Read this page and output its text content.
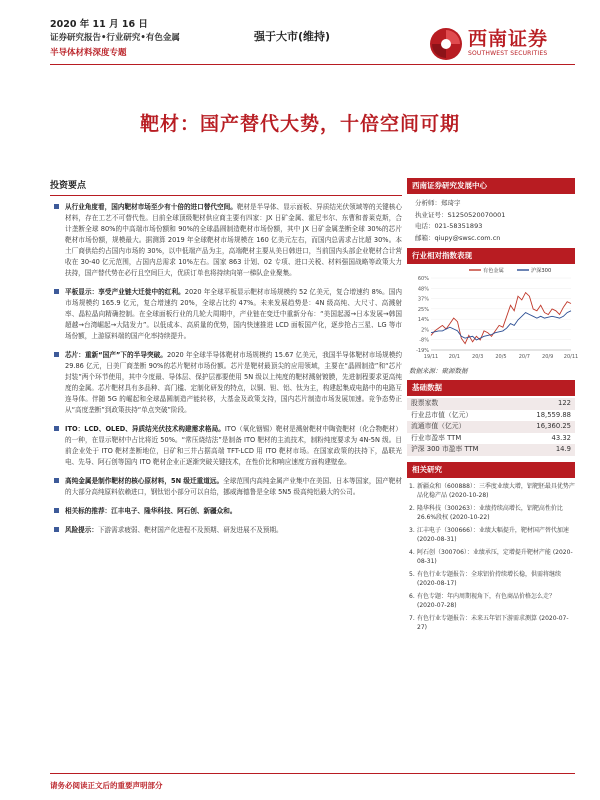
2020 年 11 月 16 日
证券研究报告•行业研究•有色金属
半导体材料深度专题
强于大市(维持)	西南证券
SOUTHWEST SECURITIES
靶材：国产替代大势，十倍空间可期
投资要点
从行业角度看，国内靶材市场至少有十倍的进口替代空间。靶材是半导体、显示面板、异质结光伏领域等的关键核心材料，存在工艺不可替代性。目前全球顶级靶材供应商主要有四家：JX 日矿金属、霍尼韦尔、东曹和普莱克斯，合计垄断全球 80%的中高端市场份额和 90%的全球晶圆制造靶材市场份额，其中 JX 日矿金属垄断全球 30%的芯片靶材市场份额，规模最大。据测算 2019 年全球靶材市场规模在 160 亿美元左右，而国内总需求占比超 30%。本土厂商供给约占国内市场的 30%，以中低端产品为主，高端靶材主要从美日韩进口，当前国内头部企业靶材合计营收在 30-40 亿元范围，占国内总需求 10%左右。国家 863 计划、02 专项、进口关税、材料强国战略等政策大力扶持，国产替代势在必行且空间巨大，优质订单也将持续向第一梯队企业聚集。
平板显示：享受产业链大迁徙中的红利。2020 年全球平板显示靶材市场规模约 52 亿美元，复合增速约 8%。国内市场规模约 165.9 亿元，复合增速约 20%，全球占比约 47%。未来发展趋势是：4N 级高纯、大尺寸、高溅射率、晶粒晶向精确控制。在全球面板行业的几轮大周期中，产业链在变迁中重新分布：“美国起源→日本发展→韩国超越→台湾崛起→大陆发力”。以低成本、高质量的优势，国内快速推进 LCD 面板国产化，逐步抢占三星、LG 等市场份额，上游原料端的国产化率持续提升。
芯片：重新“国产”下的半导突破。2020 年全球半导体靶材市场规模约 15.67 亿美元，我国半导体靶材市场规模约 29.86 亿元，日美厂商垄断 90%的芯片靶材市场份额。芯片是靶材最顶尖的应用领域，主要在“晶圆制造”和“芯片封装”两个环节使用，其中今度最、导体层、保护层都要使用 5N 级以上纯度的靶材溅射镀膜，先进制程要求更高纯度的金属。芯片靶材具有多品种、高门槛、定制化研发的特点，以铜、钽、铝、钛为主，构建起集成电路中的电路互连导体。伴随 5G 的崛起和全球晶圆制造产能转移，大基金及政策支持，国内芯片制造市场发展加速。竞争态势正从“高度垄断”到政策扶持“单点突破”阶段。
ITO：LCD、OLED、异质结光伏技术构建需求格局。ITO（氧化铟锡）靶材是溅射靶材中陶瓷靶材（化合物靶材）的一种，在显示靶材中占比将近 50%。“常压烧结法”是制备 ITO 靶材的主流技术，制粉纯度要求为 4N-5N 级。目前企业处于 ITO 靶材垄断地位，日矿和三井占据高端 TFT-LCD 用 ITO 靶材市场。在国家政策的扶持下，晶联光电、先导、阿石创等国内 ITO 靶材企业正逐渐突破关键技术，在性价比和响应速度方面构建壁垒。
高纯金属是制作靶材的核心原材料，5N 级迁重道远。全球范围内高纯金属产业集中在美国、日本等国家，国产靶材的大部分高纯原料依赖进口，钢钛铝小部分可以自给，挪威海德鲁是全球 5N5 级高纯铝最大的公司。
相关标的推荐：江丰电子、隆华科技、阿石创、新疆众和。
风险提示：下游需求疲弱、靶材国产化进程不及预期、研发进展不及预期。
西南证券研究发展中心
分析师：郑琦宇
执业证号：S1250520070001
电话：021-58351893
邮箱：qiupy@swsc.com.cn
行业相对指数表现
60%
48%
37%
25%
14%
2%
-8%
-19%
19/11 20/1 20/3 20/5 20/7 20/9 20/11
有色金属	沪深300
数据来源：聚源数据
基础数据
股票家数	122
行业总市值（亿元）	18,559.88
流通市值（亿元）	16,360.25
行业市盈率 TTM	43.32
沪深 300 市盈率 TTM	14.9
相关研究
1. 新疆众和（600888）：三季度业绩大增，铝靶胚最具优势产品化稳产品 (2020-10-28)
2. 隆华科技（300263）：业绩持续高增长，铝靶高性价比 26.6%段权 (2020-10-22)
3. 江丰电子（300666）：业绩大幅提升，靶材国产替代加速 (2020-08-31)
4. 阿石创（300706）：业绩承压，定增提升靶材产能 (2020-08-31)
5. 有色行业专题报告：全球铝价持续增长稳，供需将继续 (2020-08-17)
6. 有色专题：年内周期视角下，有色商品价格怎么走？ (2020-07-28)
7. 有色行业专题报告：未来五年铝下游需求测算 (2020-07-27)
请务必阅读正文后的重要声明部分
